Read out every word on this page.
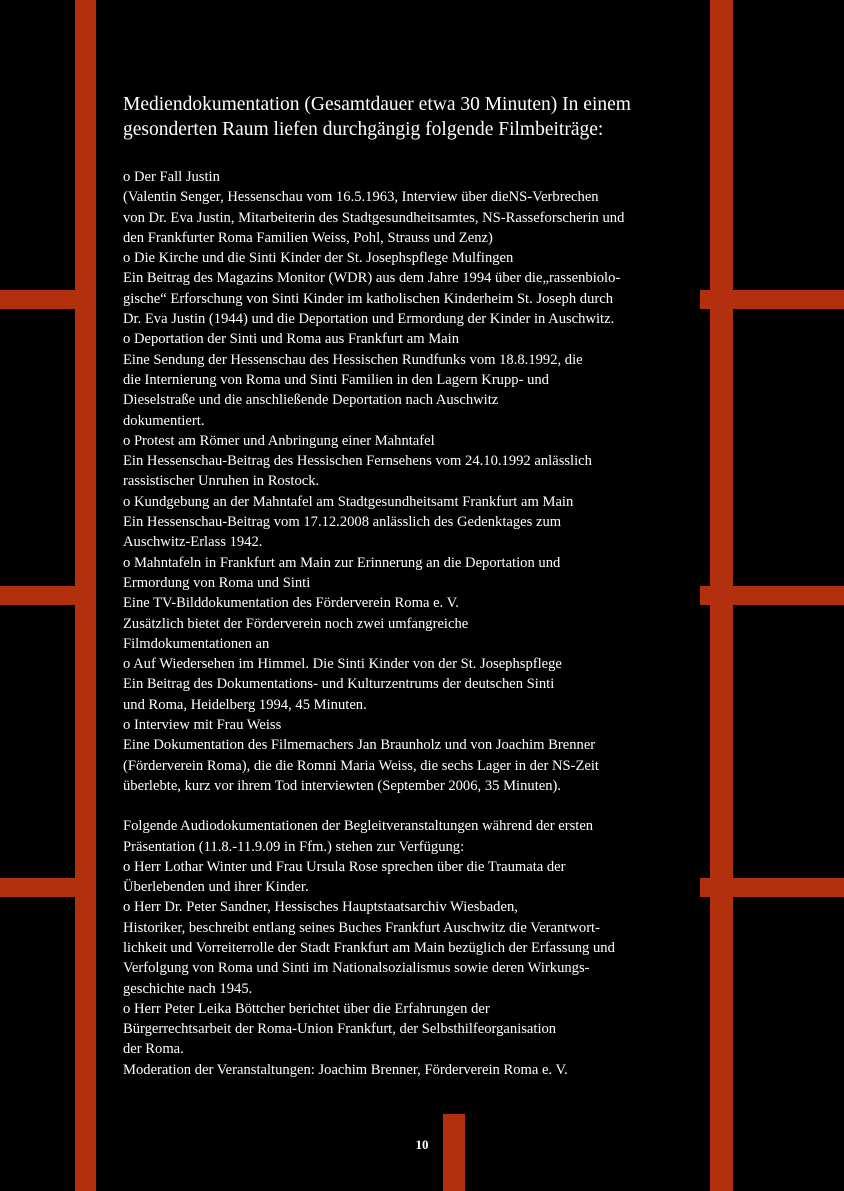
Mediendokumentation (Gesamtdauer etwa 30 Minuten) In einem
gesonderten Raum liefen durchgängig folgende Filmbeiträge:
o Der Fall Justin
(Valentin Senger, Hessenschau vom 16.5.1963, Interview über dieNS-Verbrechen
von Dr. Eva Justin, Mitarbeiterin des Stadtgesundheitsamtes, NS-Rasseforscherin und
den Frankfurter Roma Familien Weiss, Pohl, Strauss und Zenz)
o Die Kirche und die Sinti Kinder der St. Josephspflege Mulfingen
Ein Beitrag des Magazins Monitor (WDR) aus dem Jahre 1994 über die„rassenbiolo-
gische“ Erforschung von Sinti Kinder im katholischen Kinderheim St. Joseph durch
Dr. Eva Justin (1944) und die Deportation und Ermordung der Kinder in Auschwitz.
o Deportation der Sinti und Roma aus Frankfurt am Main
Eine Sendung der Hessenschau des Hessischen Rundfunks vom 18.8.1992, die
die Internierung von Roma und Sinti Familien in den Lagern Krupp- und
Dieselstraße und die anschließende Deportation nach Auschwitz
dokumentiert.
o Protest am Römer und Anbringung einer Mahntafel
Ein Hessenschau-Beitrag des Hessischen Fernsehens vom 24.10.1992 anlässlich
rassistischer Unruhen in Rostock.
o Kundgebung an der Mahntafel am Stadtgesundheitsamt Frankfurt am Main
Ein Hessenschau-Beitrag vom 17.12.2008 anlässlich des Gedenktages zum
Auschwitz-Erlass 1942.
o Mahntafeln in Frankfurt am Main zur Erinnerung an die Deportation und
Ermordung von Roma und Sinti
Eine TV-Bilddokumentation des Förderverein Roma e. V.
Zusätzlich bietet der Förderverein noch zwei umfangreiche
Filmdokumentationen an
o Auf Wiedersehen im Himmel. Die Sinti Kinder von der St. Josephspflege
Ein Beitrag des Dokumentations- und Kulturzentrums der deutschen Sinti
und Roma, Heidelberg 1994, 45 Minuten.
o Interview mit Frau Weiss
Eine Dokumentation des Filmemachers Jan Braunholz und von Joachim Brenner
(Förderverein Roma), die die Romni Maria Weiss, die sechs Lager in der NS-Zeit
überlebte, kurz vor ihrem Tod interviewten (September 2006, 35 Minuten).
Folgende Audiodokumentationen der Begleitveranstaltungen während der ersten
Präsentation (11.8.-11.9.09 in Ffm.) stehen zur Verfügung:
o Herr Lothar Winter und Frau Ursula Rose sprechen über die Traumata der
Überlebenden und ihrer Kinder.
o Herr Dr. Peter Sandner, Hessisches Hauptstaatsarchiv Wiesbaden,
Historiker, beschreibt entlang seines Buches Frankfurt Auschwitz die Verantwort-
lichkeit und Vorreiterrolle der Stadt Frankfurt am Main bezüglich der Erfassung und
Verfolgung von Roma und Sinti im Nationalsozialismus sowie deren Wirkungs-
geschichte nach 1945.
o Herr Peter Leika Böttcher berichtet über die Erfahrungen der
Bürgerrechtsarbeit der Roma-Union Frankfurt, der Selbsthilfeorganisation
der Roma.
Moderation der Veranstaltungen: Joachim Brenner, Förderverein Roma e. V.
10
